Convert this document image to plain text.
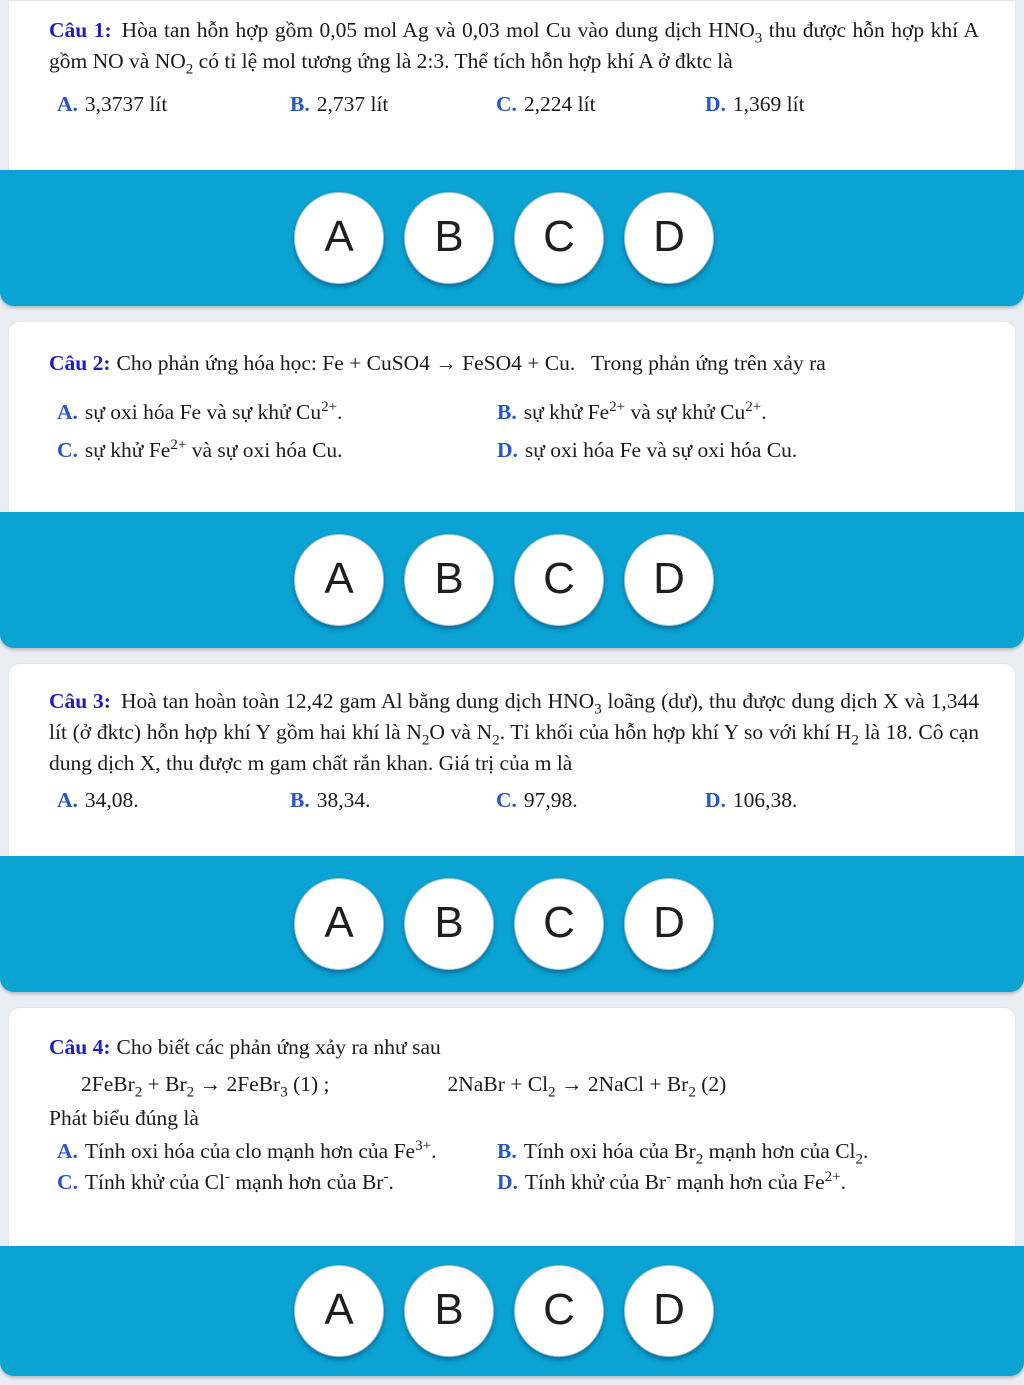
Câu 1: Hòa tan hỗn hợp gồm 0,05 mol Ag và 0,03 mol Cu vào dung dịch $HNO_3$ thu được hỗn hợp khí A gồm NO và $NO_2$ có tỉ lệ mol tương ứng là 2:3. Thể tích hỗn hợp khí A ở đktc là

A. 3,3737 lít	B. 2,737 lít	C. 2,224 lít	D. 1,369 lít
A	B	C	D

Câu 2: Cho phản ứng hóa học: Fe + CuSO4 → FeSO4 + Cu.   Trong phản ứng trên xảy ra

A. sự oxi hóa Fe và sự khử $Cu^{2+}$.	B. sự khử $Fe^{2+}$ và sự khử $Cu^{2+}$.
C. sự khử $Fe^{2+}$ và sự oxi hóa Cu.	D. sự oxi hóa Fe và sự oxi hóa Cu.
A	B	C	D

Câu 3: Hoà tan hoàn toàn 12,42 gam Al bằng dung dịch $HNO_3$ loãng (dư), thu được dung dịch X và 1,344 lít (ở đktc) hỗn hợp khí Y gồm hai khí là $N_2O$ và $N_2$. Tỉ khối của hỗn hợp khí Y so với khí $H_2$ là 18. Cô cạn dung dịch X, thu được m gam chất rắn khan. Giá trị của m là

A. 34,08.	B. 38,34.	C. 97,98.	D. 106,38.
A	B	C	D

Câu 4: Cho biết các phản ứng xảy ra như sau

2FeBr$_2$ + $Br_2$ → 2FeBr$_3$ (1) ;	2NaBr + $Cl_2$ → 2NaCl + $Br_2$ (2)

Phát biểu đúng là

A. Tính oxi hóa của clo mạnh hơn của $Fe^{3+}$.	B. Tính oxi hóa của $Br_2$ mạnh hơn của $Cl_2$.
C. Tính khử của Cl- mạnh hơn của Br-.	D. Tính khử của Br- mạnh hơn của $Fe^{2+}$.
A	B	C	D
